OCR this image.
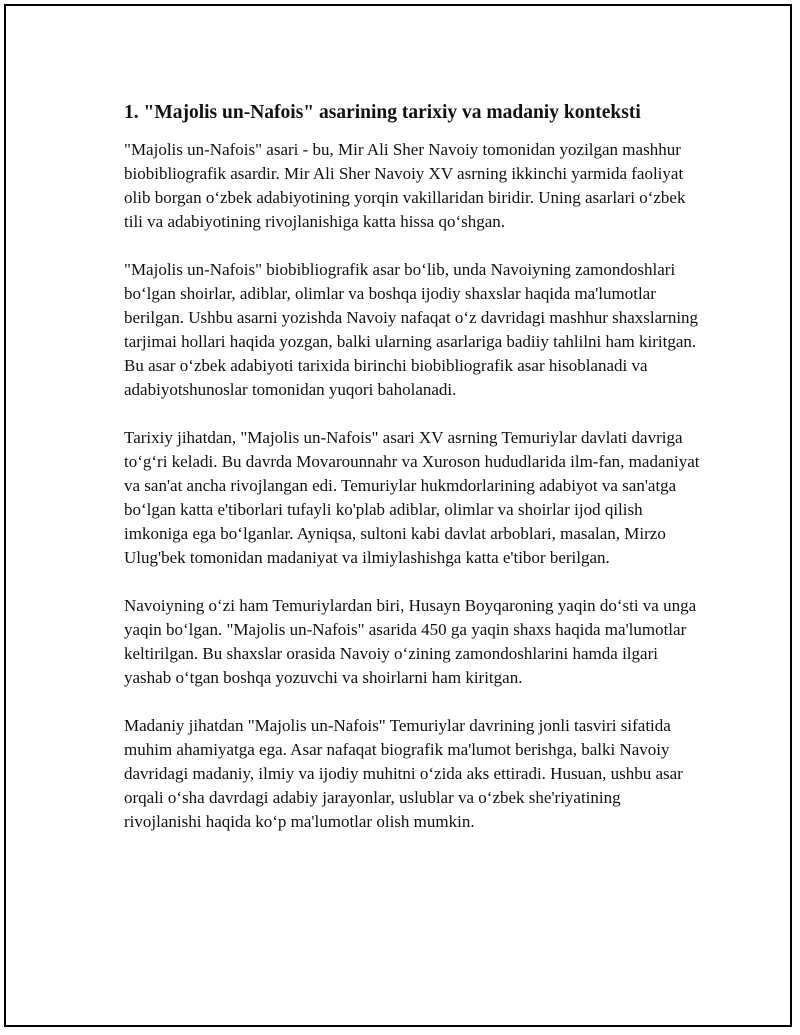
1. "Majolis un-Nafois" asarining tarixiy va madaniy konteksti

"Majolis un-Nafois" asari - bu, Mir Ali Sher Navoiy tomonidan yozilgan mashhur biobibliografik asardir. Mir Ali Sher Navoiy XV asrning ikkinchi yarmida faoliyat olib borgan o‘zbek adabiyotining yorqin vakillaridan biridir. Uning asarlari o‘zbek tili va adabiyotining rivojlanishiga katta hissa qo‘shgan.

"Majolis un-Nafois" biobibliografik asar bo‘lib, unda Navoiyning zamondoshlari bo‘lgan shoirlar, adiblar, olimlar va boshqa ijodiy shaxslar haqida ma'lumotlar berilgan. Ushbu asarni yozishda Navoiy nafaqat o‘z davridagi mashhur shaxslarning tarjimai hollari haqida yozgan, balki ularning asarlariga badiiy tahlilni ham kiritgan. Bu asar o‘zbek adabiyoti tarixida birinchi biobibliografik asar hisoblanadi va adabiyotshunoslar tomonidan yuqori baholanadi.

Tarixiy jihatdan, "Majolis un-Nafois" asari XV asrning Temuriylar davlati davriga to‘g‘ri keladi. Bu davrda Movarounnahr va Xuroson hududlarida ilm-fan, madaniyat va san'at ancha rivojlangan edi. Temuriylar hukmdorlarining adabiyot va san'atga bo‘lgan katta e'tiborlari tufayli ko'plab adiblar, olimlar va shoirlar ijod qilish imkoniga ega bo‘lganlar. Ayniqsa, sultoni kabi davlat arboblari, masalan, Mirzo Ulug'bek tomonidan madaniyat va ilmiylashishga katta e'tibor berilgan.

Navoiyning o‘zi ham Temuriylardan biri, Husayn Boyqaroning yaqin do‘sti va unga yaqin bo‘lgan. "Majolis un-Nafois" asarida 450 ga yaqin shaxs haqida ma'lumotlar keltirilgan. Bu shaxslar orasida Navoiy o‘zining zamondoshlarini hamda ilgari yashab o‘tgan boshqa yozuvchi va shoirlarni ham kiritgan.

Madaniy jihatdan "Majolis un-Nafois" Temuriylar davrining jonli tasviri sifatida muhim ahamiyatga ega. Asar nafaqat biografik ma'lumot berishga, balki Navoiy davridagi madaniy, ilmiy va ijodiy muhitni o‘zida aks ettiradi. Husuan, ushbu asar orqali o‘sha davrdagi adabiy jarayonlar, uslublar va o‘zbek she'riyatining rivojlanishi haqida ko‘p ma'lumotlar olish mumkin.
